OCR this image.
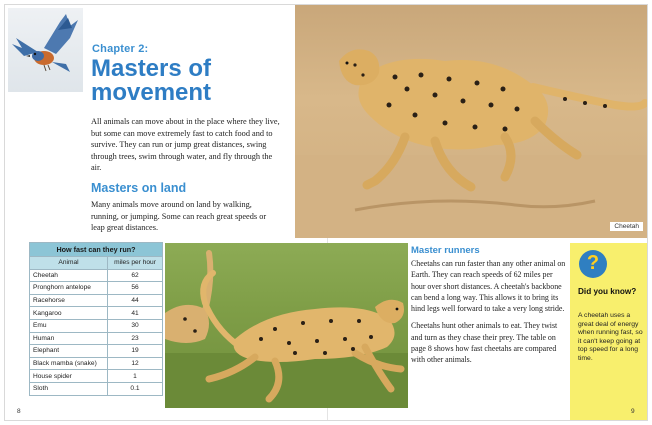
Chapter 2:
Masters of
movement
All animals can move about in the place where they live, but some can move extremely fast to catch food and to survive. They can run or jump great distances, swing through trees, swim through water, and fly through the air.
Masters on land
Many animals move around on land by walking, running, or jumping. Some can reach great speeds or leap great distances.	Cheetah
How fast can they run?	
Animal	miles per hour
Cheetah	62
Pronghorn antelope	56
Racehorse	44
Kangaroo	41
Emu	30
Human	23
Elephant	19
Black mamba (snake)	12
House spider	1
Sloth	0.1
Master runners

Cheetahs can run faster than any other animal on Earth. They can reach speeds of 62 miles per hour over short distances. A cheetah's backbone can bend a long way. This allows it to bring its hind legs well forward to take a very long stride.

Cheetahs hunt other animals to eat. They twist and turn as they chase their prey. The table on page 8 shows how fast cheetahs are compared with other animals.

?
Did you know?
A cheetah uses a great deal of energy when running fast, so it can't keep going at top speed for a long time.
8	9
